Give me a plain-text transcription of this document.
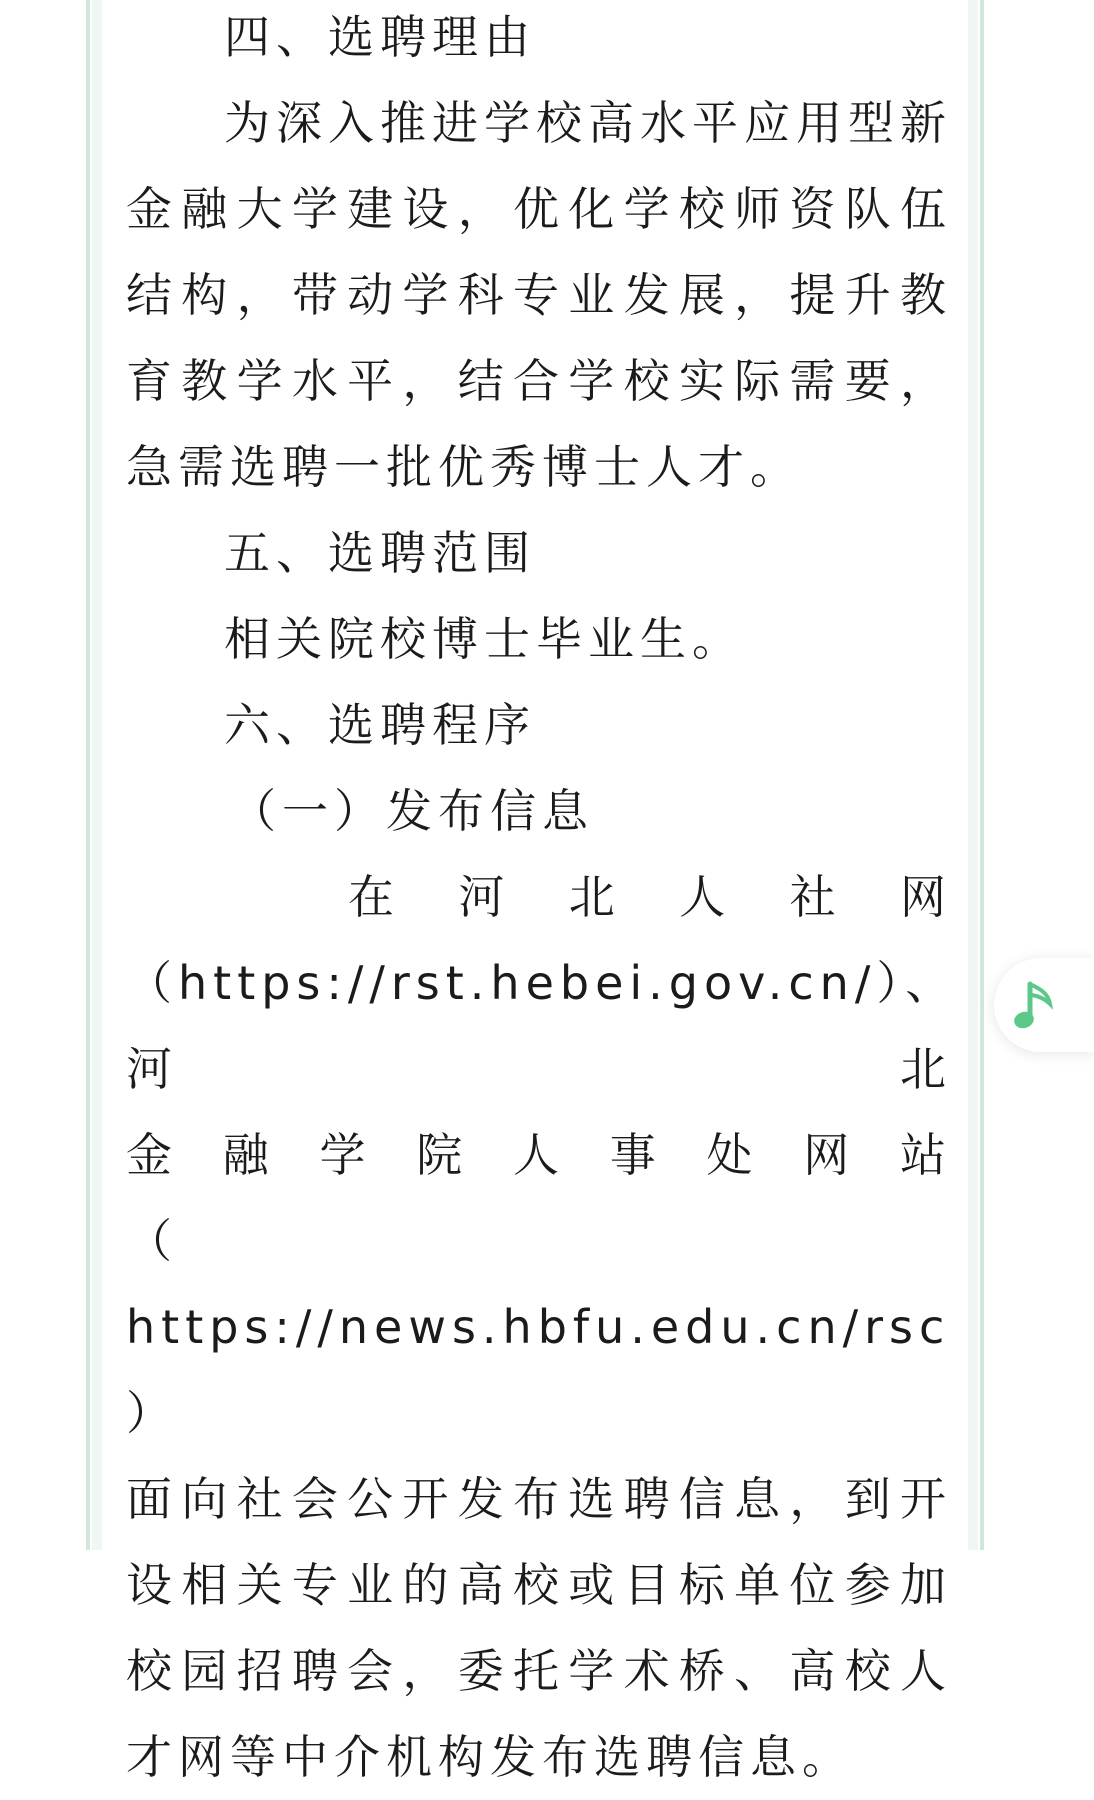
四、选聘理由

为深入推进学校高水平应用型新金融大学建设，优化学校师资队伍结构，带动学科专业发展，提升教育教学水平，结合学校实际需要，急需选聘一批优秀博士人才。

五、选聘范围

相关院校博士毕业生。

六、选聘程序

（一）发布信息

在 河 北 人 社 网

（https://rst.hebei.gov.cn/）、河北

金 融 学 院 人 事 处 网 站

（ https://news.hbfu.edu.cn/rsc ）

面向社会公开发布选聘信息，到开设相关专业的高校或目标单位参加校园招聘会，委托学术桥、高校人才网等中介机构发布选聘信息。
